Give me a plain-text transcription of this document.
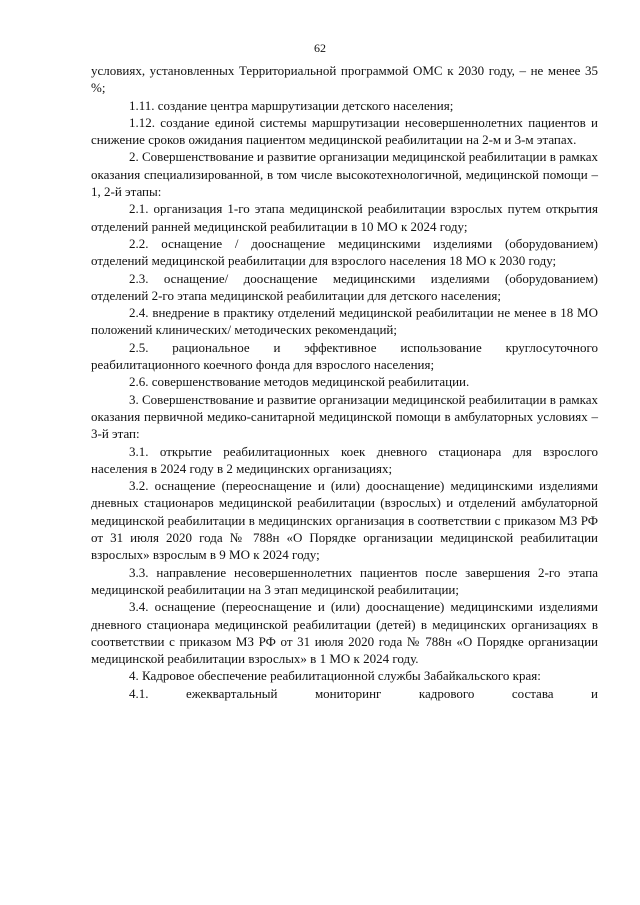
62

условиях, установленных Территориальной программой ОМС к 2030 году, – не менее 35 %;

1.11. создание центра маршрутизации детского населения;

1.12. создание единой системы маршрутизации несовершеннолетних пациентов и снижение сроков ожидания пациентом медицинской реабилитации на 2-м и 3-м этапах.

2. Совершенствование и развитие организации медицинской реабилитации в рамках оказания специализированной, в том числе высокотехнологичной, медицинской помощи – 1, 2-й этапы:

2.1. организация 1-го этапа медицинской реабилитации взрослых путем открытия отделений ранней медицинской реабилитации в 10 МО к 2024 году;

2.2. оснащение / дооснащение медицинскими изделиями (оборудованием) отделений медицинской реабилитации для взрослого населения 18 МО к 2030 году;

2.3. оснащение/ дооснащение медицинскими изделиями (оборудованием) отделений 2-го этапа медицинской реабилитации для детского населения;

2.4. внедрение в практику отделений медицинской реабилитации не менее в 18 МО положений клинических/ методических рекомендаций;

2.5. рациональное и эффективное использование круглосуточного реабилитационного коечного фонда для взрослого населения;

2.6. совершенствование методов медицинской реабилитации.

3. Совершенствование и развитие организации медицинской реабилитации в рамках оказания первичной медико-санитарной медицинской помощи в амбулаторных условиях – 3-й этап:

3.1. открытие реабилитационных коек дневного стационара для взрослого населения в 2024 году в 2 медицинских организациях;

3.2. оснащение (переоснащение и (или) дооснащение) медицинскими изделиями дневных стационаров медицинской реабилитации (взрослых) и отделений амбулаторной медицинской реабилитации в медицинских организация в соответствии с приказом МЗ РФ от 31 июля 2020 года № 788н «О Порядке организации медицинской реабилитации взрослых» взрослым в 9 МО к 2024 году;

3.3. направление несовершеннолетних пациентов после завершения 2-го этапа медицинской реабилитации на 3 этап медицинской реабилитации;

3.4. оснащение (переоснащение и (или) дооснащение) медицинскими изделиями дневного стационара медицинской реабилитации (детей) в медицинских организациях в соответствии с приказом МЗ РФ от 31 июля 2020 года № 788н «О Порядке организации медицинской реабилитации взрослых» в 1 МО к 2024 году.

4. Кадровое обеспечение реабилитационной службы Забайкальского края:

4.1. ежеквартальный мониторинг кадрового состава и
